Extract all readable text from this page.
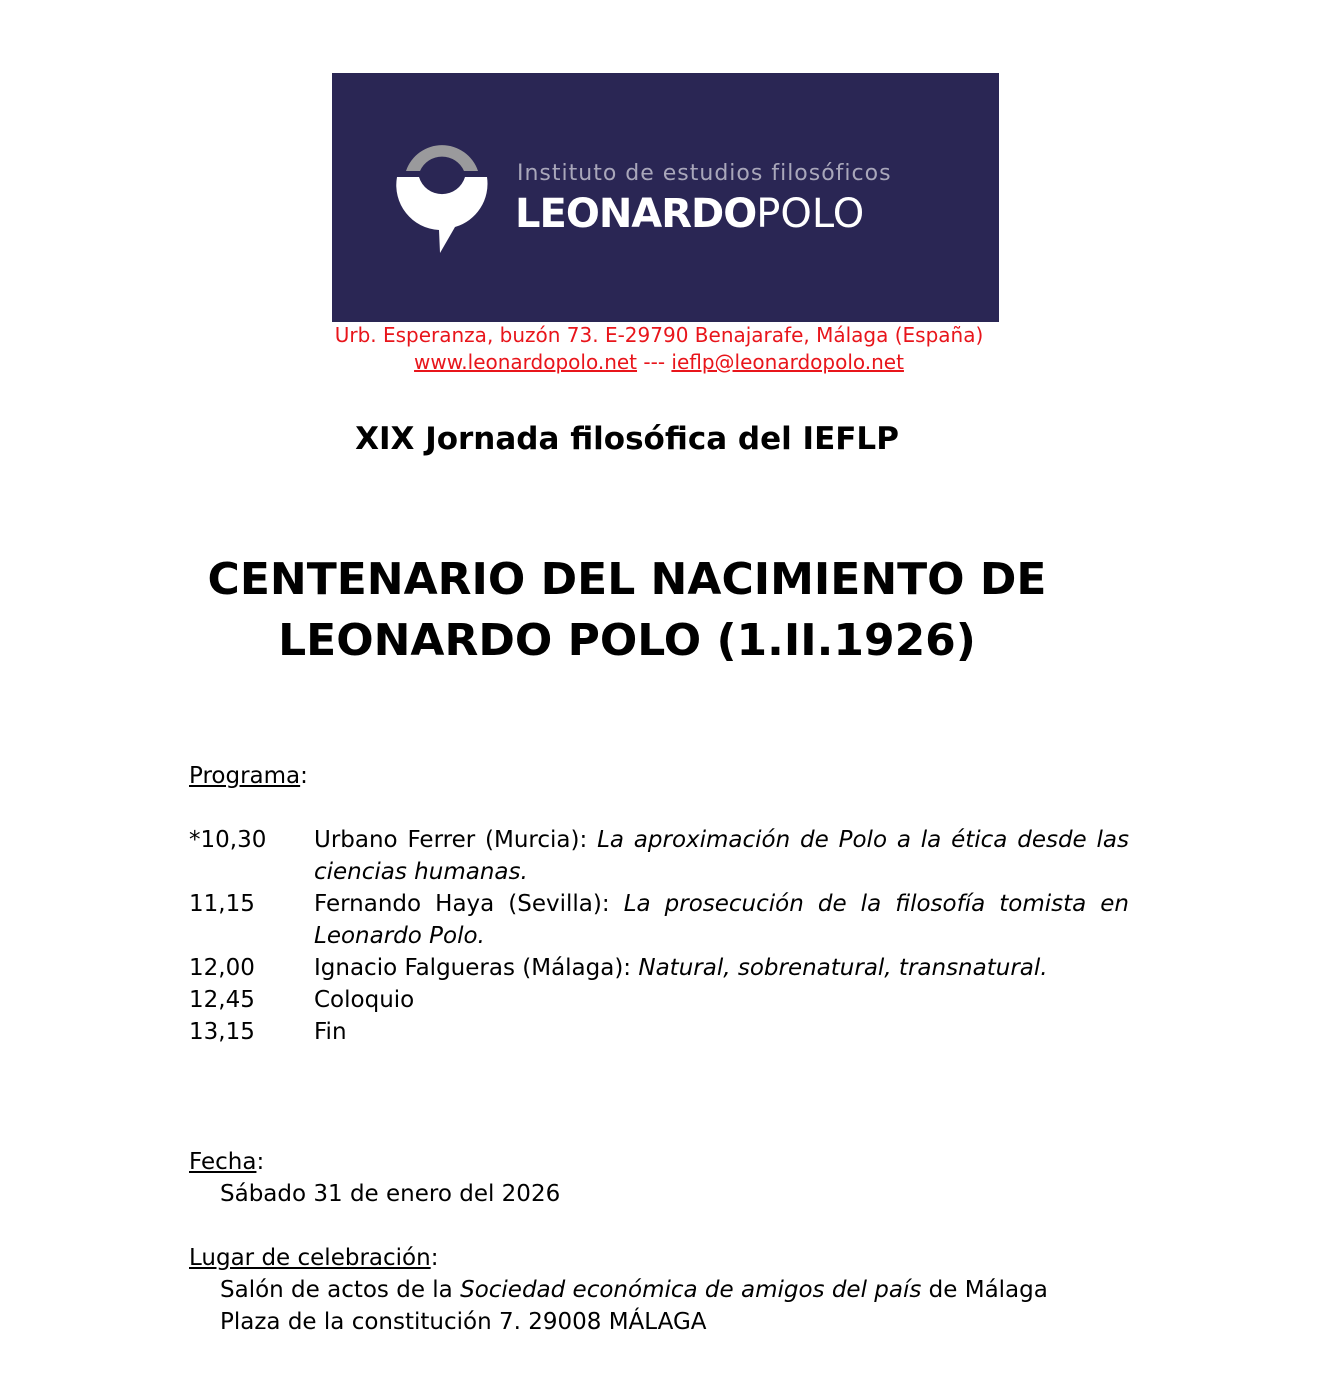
Instituto de estudios filosóficos
LEONARDOPOLO
Urb. Esperanza, buzón 73. E-29790 Benajarafe, Málaga (España)
www.leonardopolo.net --- ieflp@leonardopolo.net
XIX Jornada filosófica del IEFLP
CENTENARIO DEL NACIMIENTO DE
LEONARDO POLO (1.II.1926)
Programa:
*10,30	Urbano Ferrer (Murcia): La aproximación de Polo a la ética desde las ciencias humanas.
11,15	Fernando Haya (Sevilla): La prosecución de la filosofía tomista en Leonardo Polo.
12,00	Ignacio Falgueras (Málaga): Natural, sobrenatural, transnatural.
12,45	Coloquio
13,15	Fin
Fecha:
Sábado 31 de enero del 2026
Lugar de celebración:
Salón de actos de la Sociedad económica de amigos del país de Málaga
Plaza de la constitución 7. 29008 MÁLAGA
